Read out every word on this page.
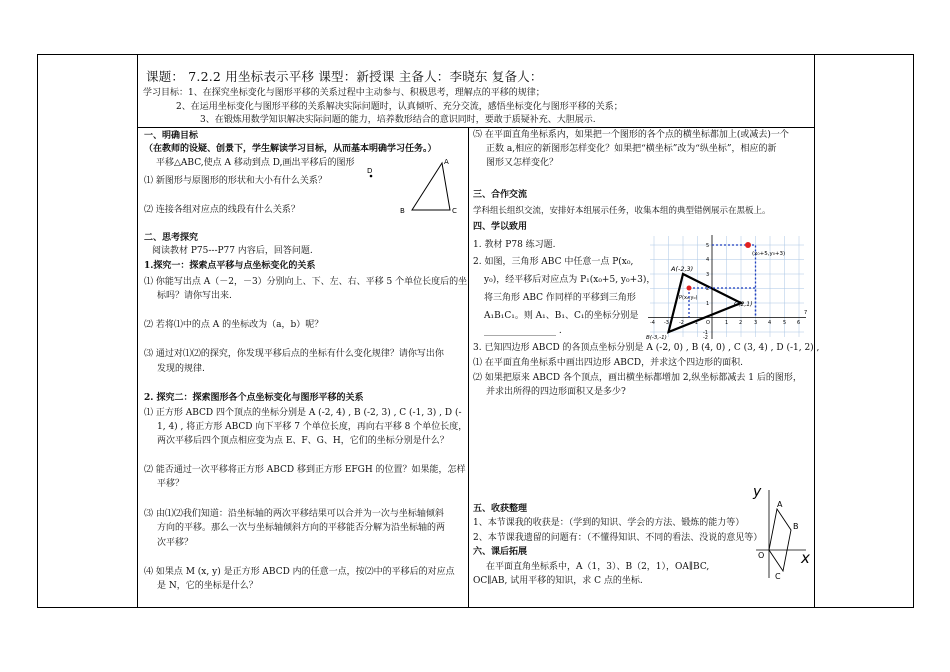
课题： 7.2.2 用坐标表示平移 课型：新授课 主备人：李晓东 复备人：
学习目标：1、在探究坐标变化与图形平移的关系过程中主动参与、积极思考，理解点的平移的规律；
2、在运用坐标变化与图形平移的关系解决实际问题时，认真倾听、充分交流，感悟坐标变化与图形平移的关系；
3、在锻炼用数学知识解决实际问题的能力，培养数形结合的意识同时，要敢于质疑补充、大胆展示.
一、明确目标
（在教师的设疑、创景下，学生解读学习目标，从而基本明确学习任务。）
平移△ABC,使点 A 移动到点 D,画出平移后的图形
⑴ 新图形与原图形的形状和大小有什么关系？
⑵ 连接各组对应点的线段有什么关系？
D
A
B	C
二、思考探究
阅读教材 P75---P77 内容后，回答问题.
1.探究一：探索点平移与点坐标变化的关系
⑴ 你能写出点 A（－2，－3）分别向上、下、左、右、平移 5 个单位长度后的坐
标吗？请你写出来.
⑵ 若将⑴中的点 A 的坐标改为（a，b）呢？
⑶ 通过对⑴⑵的探究，你发现平移后点的坐标有什么变化规律？请你写出你
发现的规律.
2. 探究二：探索图形各个点坐标变化与图形平移的关系
⑴ 正方形 ABCD 四个顶点的坐标分别是 A (-2, 4) , B (-2, 3) , C (-1, 3) , D (-
1, 4) , 将正方形 ABCD 向下平移 7 个单位长度，再向右平移 8 个单位长度，
两次平移后四个顶点相应变为点 E、F、G、H，它们的坐标分别是什么？
⑵ 能否通过一次平移将正方形 ABCD 移到正方形 EFGH 的位置？如果能，怎样
平移？
⑶ 由⑴⑵我们知道：沿坐标轴的两次平移结果可以合并为一次与坐标轴倾斜
方向的平移。那么一次与坐标轴倾斜方向的平移能否分解为沿坐标轴的两
次平移？
⑷ 如果点 M (x, y) 是正方形 ABCD 内的任意一点，按⑵中的平移后的对应点
是 N，它的坐标是什么？
⑸ 在平面直角坐标系内，如果把一个图形的各个点的横坐标都加上(或减去)一个
正数 a,相应的新图形怎样变化？如果把“横坐标”改为“纵坐标”，相应的新
图形又怎样变化？
三、合作交流
学科组长组织交流，安排好本组展示任务，收集本组的典型错例展示在黑板上。
四、学以致用
1. 教材 P78 练习题.
2. 如图，三角形 ABC 中任意一点 P(x₀,
y₀)，经平移后对应点为 P₁(x₀+5, y₀+3)，
将三角形 ABC 作同样的平移到三角形
A₁B₁C₁。则 A₁、B₁、C₁的坐标分别是
________________ .
A(-2,3)
(x₀+5,y₀+3)
P(x₀,y₀)
C(2,1)
B(-3,-1)
O
-4 -3 -2 -1	1 2 3 4 5 6
7
5
4
3
2
1
-1
-2
3. 已知四边形 ABCD 的各顶点坐标分别是 A (-2, 0) , B (4, 0) , C (3, 4) , D (-1, 2) ,
⑴ 在平面直角坐标系中画出四边形 ABCD，并求这个四边形的面积.
⑵ 如果把原来 ABCD 各个顶点，画出横坐标都增加 2,纵坐标都减去 1 后的图形，
并求出所得的四边形面积又是多少?
五、收获整理
1、本节课我的收获是：（学到的知识、学会的方法、锻炼的能力等）
2、本节课我遗留的问题有：（不懂得知识、不同的看法、没说的意见等）
六、课后拓展
在平面直角坐标系中，A（1，3）、B（2，1），OA∥BC,
OC∥AB, 试用平移的知识，求 C 点的坐标.
y
x
O
A
B
C
